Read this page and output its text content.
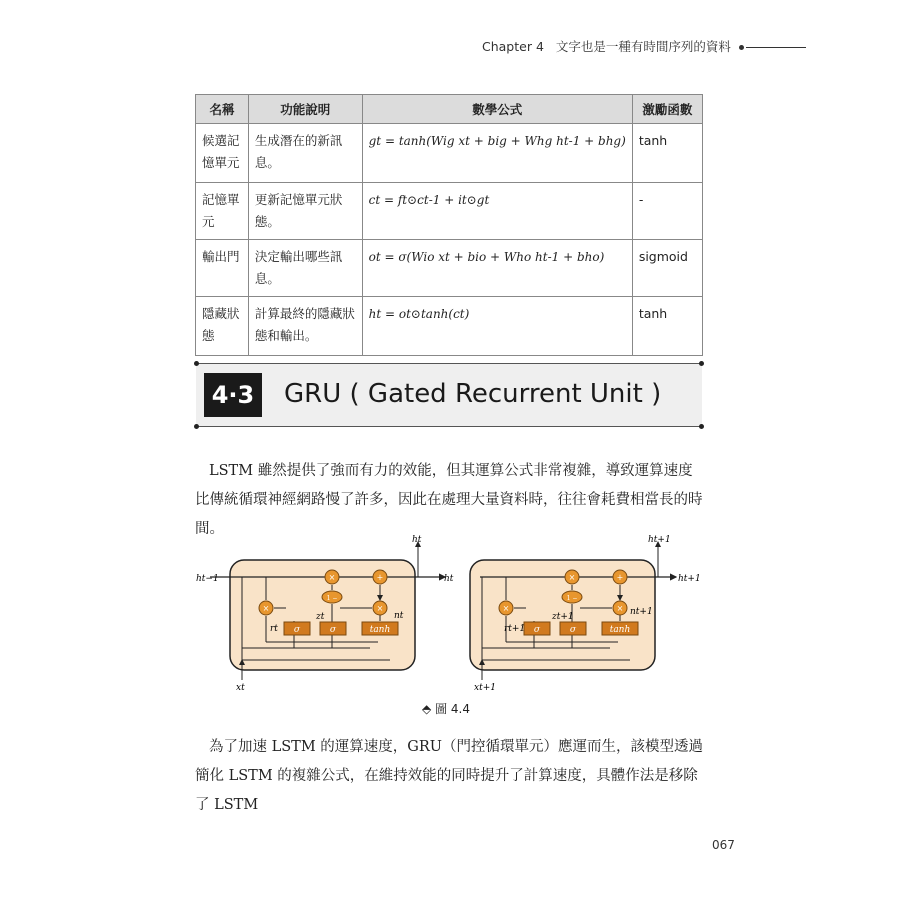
Chapter 4 文字也是一種有時間序列的資料
名稱	功能說明	數學公式	激勵函數
候選記憶單元	生成潛在的新訊息。	gt = tanh(Wig xt + big + Whg ht-1 + bhg)	tanh
記憶單元	更新記憶單元狀態。	ct = ft⊙ct-1 + it⊙gt	-
輸出門	決定輸出哪些訊息。	ot = σ(Wio xt + bio + Who ht-1 + bho)	sigmoid
隱藏狀態	計算最終的隱藏狀態和輸出。	ht = ot⊙tanh(ct)	tanh
4·3 GRU ( Gated Recurrent Unit )

LSTM 雖然提供了強而有力的效能，但其運算公式非常複雜，導致運算速度比傳統循環神經網路慢了許多，因此在處理大量資料時，往往會耗費相當長的時間。

×
×	+
×
1 −
σ	σ	tanh
ht−1
ht
ht
xt
rt
zt	nt
×
×	+
×
1 −
σ	σ	tanh
ht+1
ht+1
xt+1
rt+1
zt+1	nt+1
⬘ 圖 4.4

為了加速 LSTM 的運算速度，GRU（門控循環單元）應運而生，該模型透過簡化 LSTM 的複雜公式，在維持效能的同時提升了計算速度，具體作法是移除了 LSTM

067
